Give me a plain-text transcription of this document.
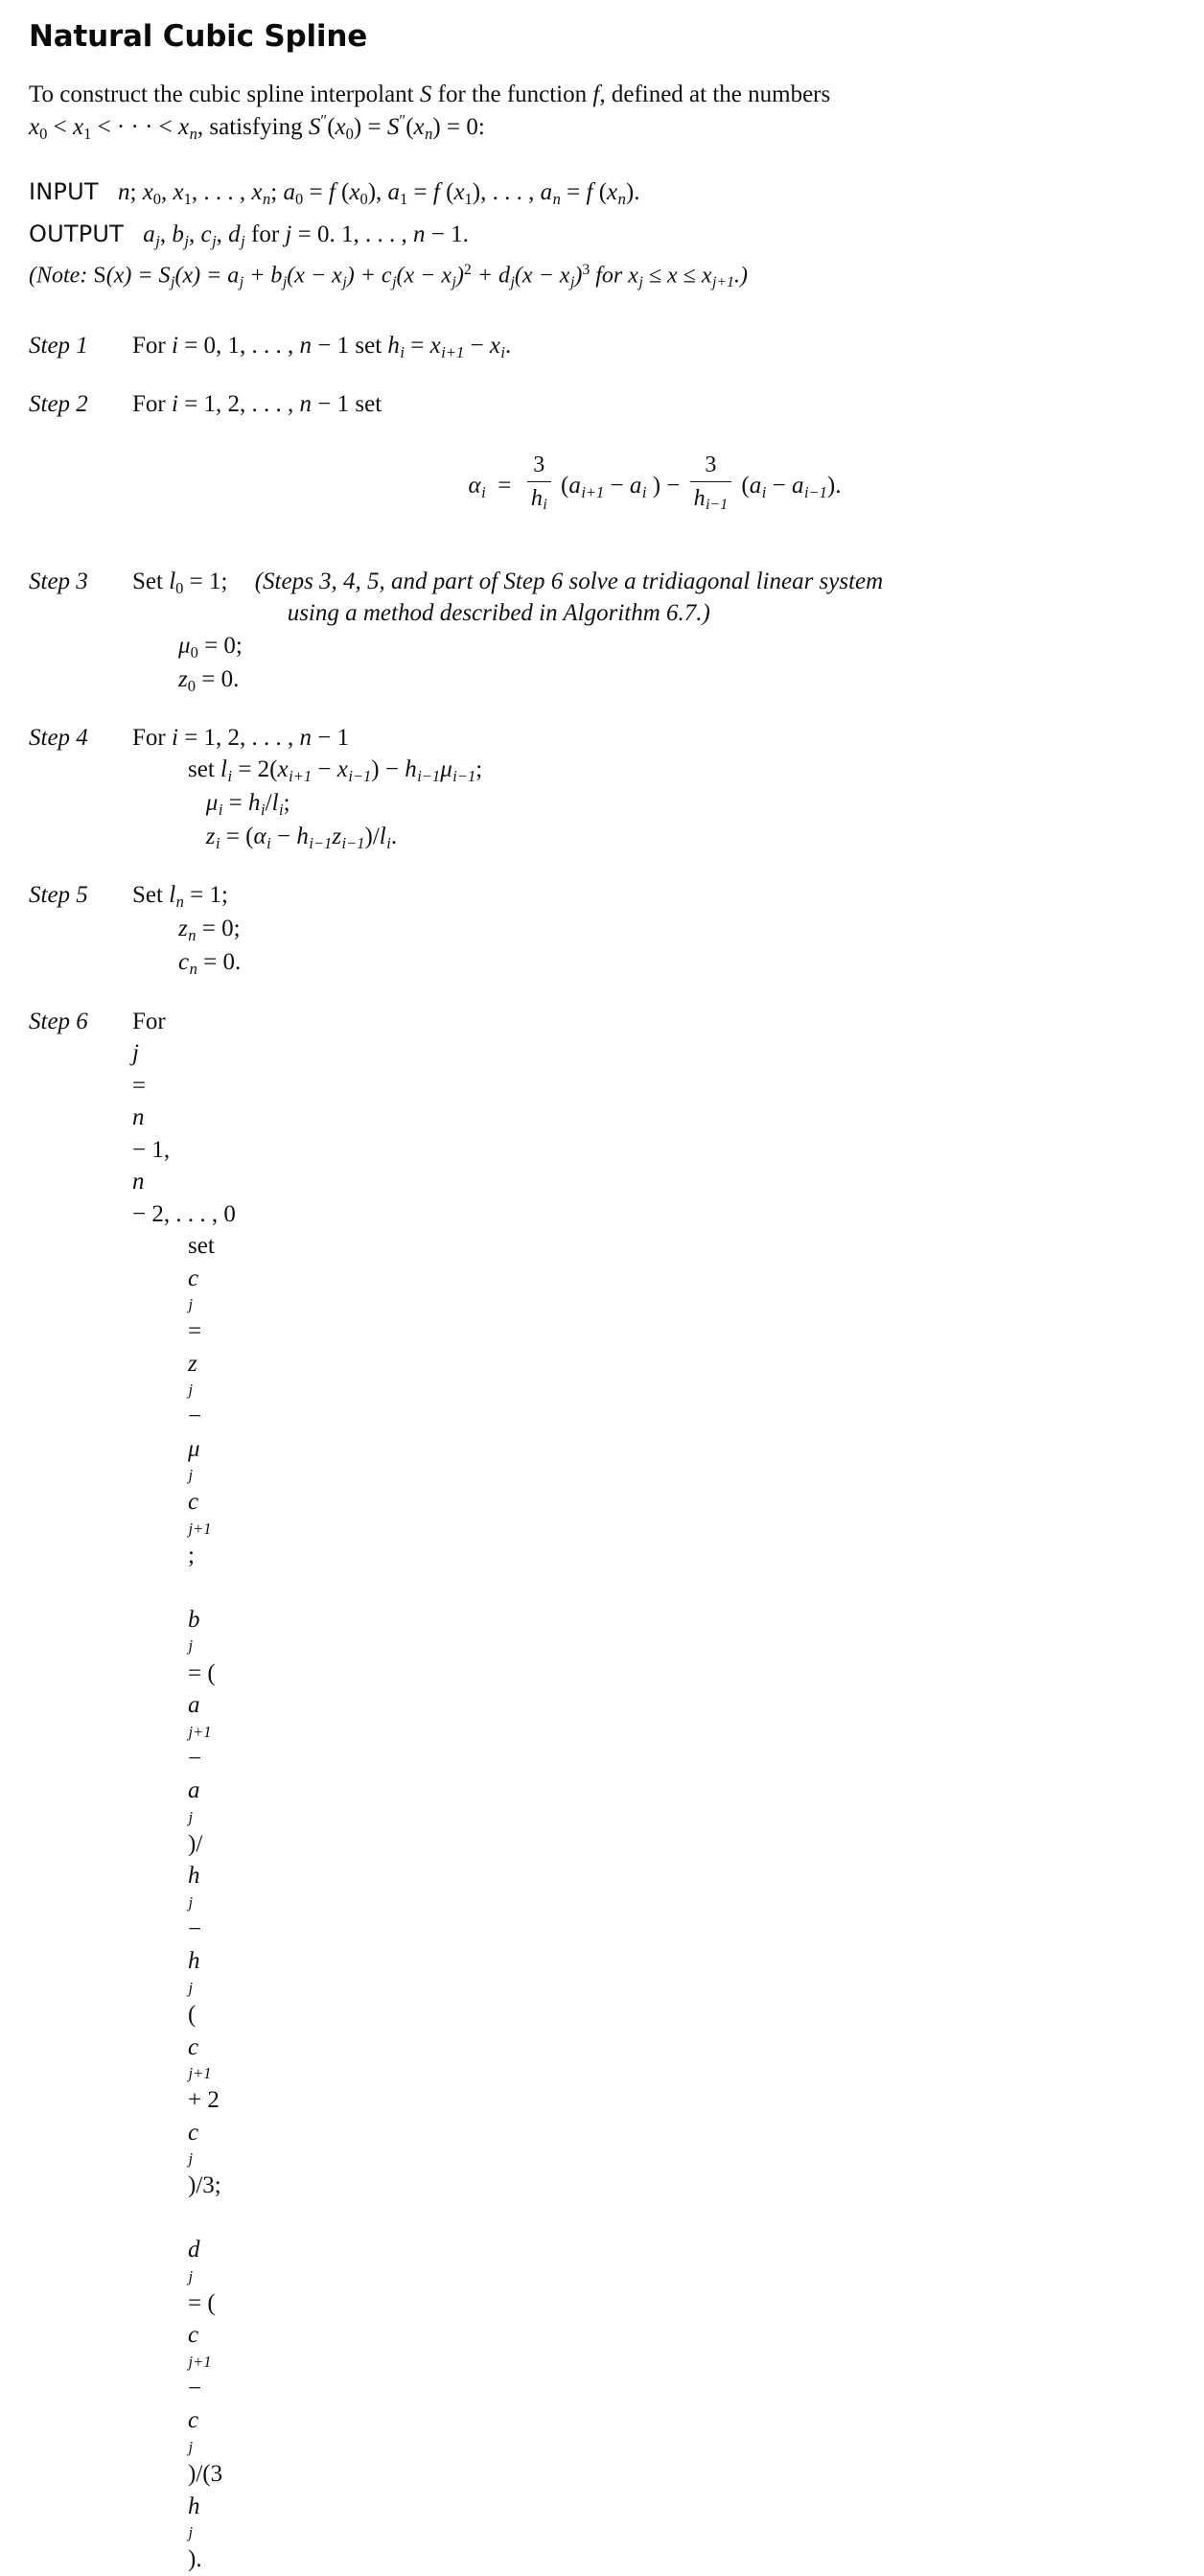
Natural Cubic Spline
To construct the cubic spline interpolant S for the function f, defined at the numbers
x0 < x1 < · · · < $x_n$, satisfying $S''(x0) = S''(x_n) = 0$:
INPUT n; x0, x1, . . . , $x_n$; a0 = f (x0), a1 = f (x1), . . . , $a_n = f$ $(x_n)$.
OUTPUT $a_j$, $b_j$, $c_j$, $d_j$ for j = 0. 1, . . . , n − 1.
(Note: $S(x) = S_j(x) = a_j + b_j(x - x_j) + c_j(x - x_j)^2 + d_j(x - x_j)^3$ for $x_j \le x \le x_{j+1}$.)
Step 1	For i = 0, 1, . . . , n − 1 set $h_i = x_{i+1} - x_i$.
Step 2	For i = 1, 2, . . . , n − 1 set
$\alpha_i = \frac{3}{h_i} (a_{i+1} - a_i$ ) − $\frac{3}{h_{i-1}} (a_i - a_{i-1})$.
Step 3	Set l0 = 1; (Steps 3, 4, 5, and part of Step 6 solve a tridiagonal linear system
using a method described in Algorithm 6.7.)
μ0 = 0;
z0 = 0.
Step 4	For i = 1, 2, . . . , n − 1
set $l_i = 2(x_{i+1} - x_{i-1}) - h_{i-1}\mu_{i-1}$;
$\mu_i = h_i/l_i$;
$z_i = (\alpha_i - h_{i-1}z_{i-1})/l_i$.
Step 5	Set $l_n = 1$;
$z_n = 0$;
$c_n = 0$.
Step 6	For
j
=
n
− 1,
n
− 2, . . . , 0
set
c
j
=
z
j
−
μ
j
c
j+1
;

b
j
= (
a
j+1
−
a
j
)/
h
j
−
h
j
(
c
j+1
+ 2
c
j
)/3;

d
j
= (
c
j+1
−
c
j
)/(3
h
j
).
